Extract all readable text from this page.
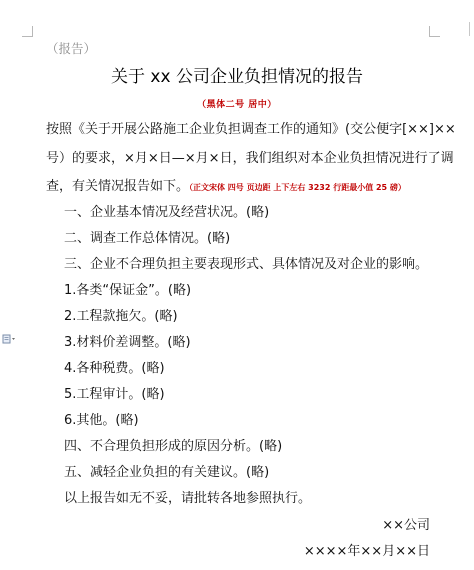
（报告）
关于 xx 公司企业负担情况的报告
（黑体二号 居中）
按照《关于开展公路施工企业负担调查工作的通知》(交公便字[××]××
号）的要求，×月×日—×月×日，我们组织对本企业负担情况进行了调
查，有关情况报告如下。（正文宋体 四号 页边距 上下左右 3232 行距最小值 25 磅）
一、企业基本情况及经营状况。(略)
二、调查工作总体情况。(略)
三、企业不合理负担主要表现形式、具体情况及对企业的影响。
1.各类“保证金”。(略)
2.工程款拖欠。(略)
3.材料价差调整。(略)
4.各种税费。(略)
5.工程审计。(略)
6.其他。(略)
四、不合理负担形成的原因分析。(略)
五、减轻企业负担的有关建议。(略)
以上报告如无不妥，请批转各地参照执行。
××公司
××××年××月××日
